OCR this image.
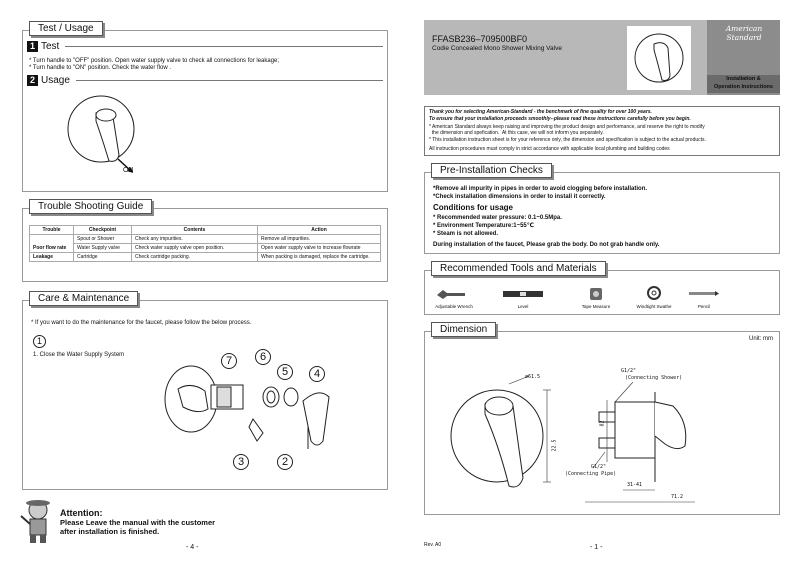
Test / Usage
1 Test
* Turn handle to "OFF" position. Open water supply valve to check all connections for leakage;
* Turn handle to "ON" position. Check the water flow .
2 Usage
ON
Trouble Shooting Guide
Trouble	Checkpoint	Contents	Action
	Spout or Shower	Check any impurities.	Remove all impurities.
Poor flow rate	Water Supply valve	Check water supply valve open position.	Open water supply valve to increase flowrate
Leakage	Cartridge	Check cartridge packing.	When packing is damaged, replace the cartridge.
Care & Maintenance
* If you want to do the maintenance for the faucet, please follow the below process.
1
1. Close the Water Supply System	7	6
5	4
3	2
Attention:
Please Leave the manual with the customer
after installation is finished.
- 4 -
FFASB236–709500BF0
Codie Concealed Mono Shower Mixing Valve
American Standard
Installation &
Operation Instructions
Thank you for selecting American-Standard - the benchmark of fine quality for over 100 years.
To ensure that your installation proceeds smoothly--please read these instructions carefully before you begin.
* American Standard always keep raising and improving the product design and performance, and reserve the right to modify
the dimension and spefication.  At this case, we will not inform you separately.
* This installation instruction sheet is for your reference only, the dimension and specification is subject to the actual products.
All instruction procedures must comply in strict accordance with applicable local plumbing and building codes
Pre-Installation Checks
*Remove all impurity in pipes in order to avoid clogging before installation.
*Check installation dimensions in order to install it correctly.
Conditions for usage
* Recommended water pressure: 0.1~0.5Mpa.
* Environment Temperature:1~55℃
* Steam is not allowed.
During installation of the faucet, Please grab the body. Do not grab handle only.
Recommended Tools and Materials
Adjustable Wrench	Level	Tape Measure	Windtight Swathe	Pencil
Dimension
Unit: mm
ø61.5
22.5
G1/2"
(Connecting Shower)
82
G1/2"
(Connecting Pipe)
31-41
71.2
Rev. A0	- 1 -
